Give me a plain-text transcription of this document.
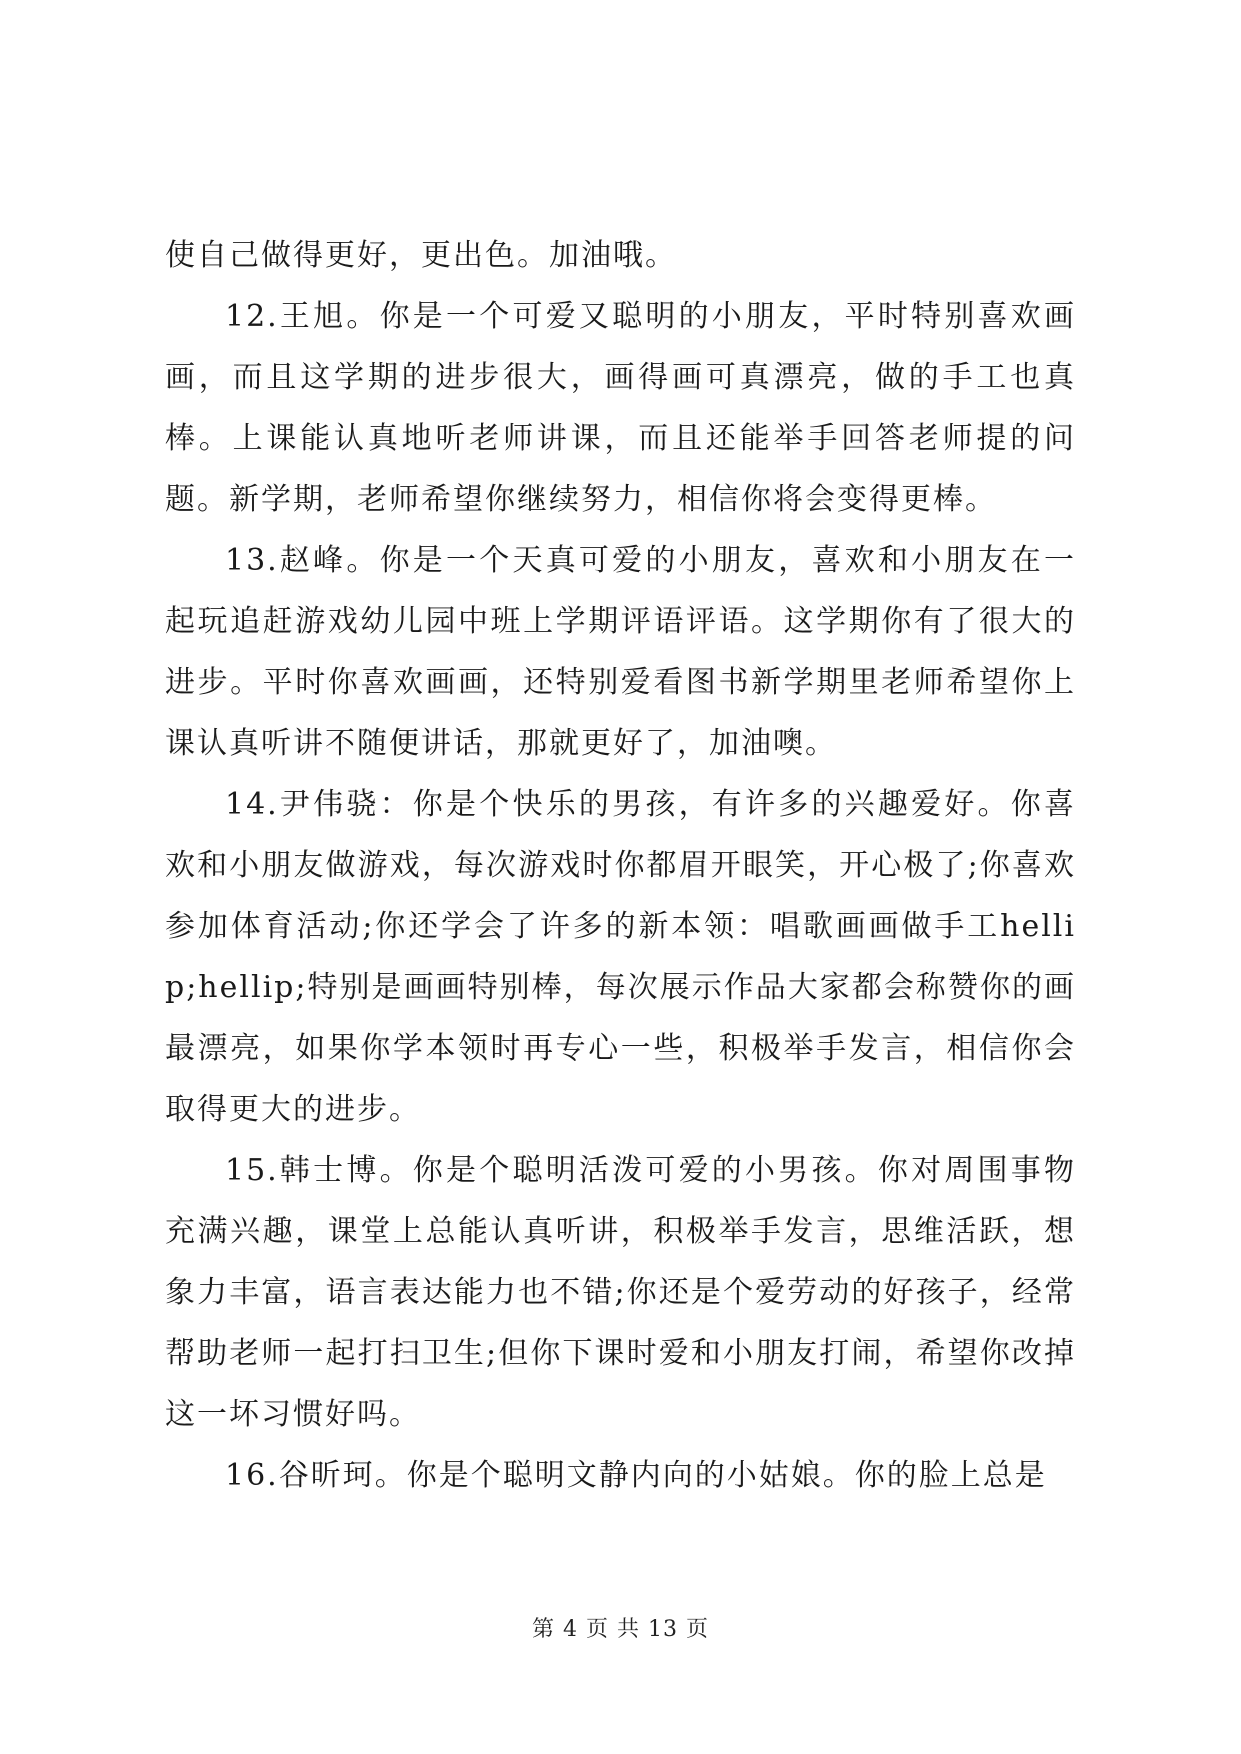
使自己做得更好，更出色。加油哦。

12.王旭。你是一个可爱又聪明的小朋友，平时特别喜欢画画，而且这学期的进步很大，画得画可真漂亮，做的手工也真棒。上课能认真地听老师讲课，而且还能举手回答老师提的问题。新学期，老师希望你继续努力，相信你将会变得更棒。

13.赵峰。你是一个天真可爱的小朋友，喜欢和小朋友在一起玩追赶游戏幼儿园中班上学期评语评语。这学期你有了很大的进步。平时你喜欢画画，还特别爱看图书新学期里老师希望你上课认真听讲不随便讲话，那就更好了，加油噢。

14.尹伟骁：你是个快乐的男孩，有许多的兴趣爱好。你喜欢和小朋友做游戏，每次游戏时你都眉开眼笑，开心极了;你喜欢参加体育活动;你还学会了许多的新本领：唱歌画画做手工hellip;hellip;特别是画画特别棒，每次展示作品大家都会称赞你的画最漂亮，如果你学本领时再专心一些，积极举手发言，相信你会取得更大的进步。

15.韩士博。你是个聪明活泼可爱的小男孩。你对周围事物充满兴趣，课堂上总能认真听讲，积极举手发言，思维活跃，想象力丰富，语言表达能力也不错;你还是个爱劳动的好孩子，经常帮助老师一起打扫卫生;但你下课时爱和小朋友打闹，希望你改掉这一坏习惯好吗。

16.谷昕珂。你是个聪明文静内向的小姑娘。你的脸上总是

第 4 页 共 13 页
